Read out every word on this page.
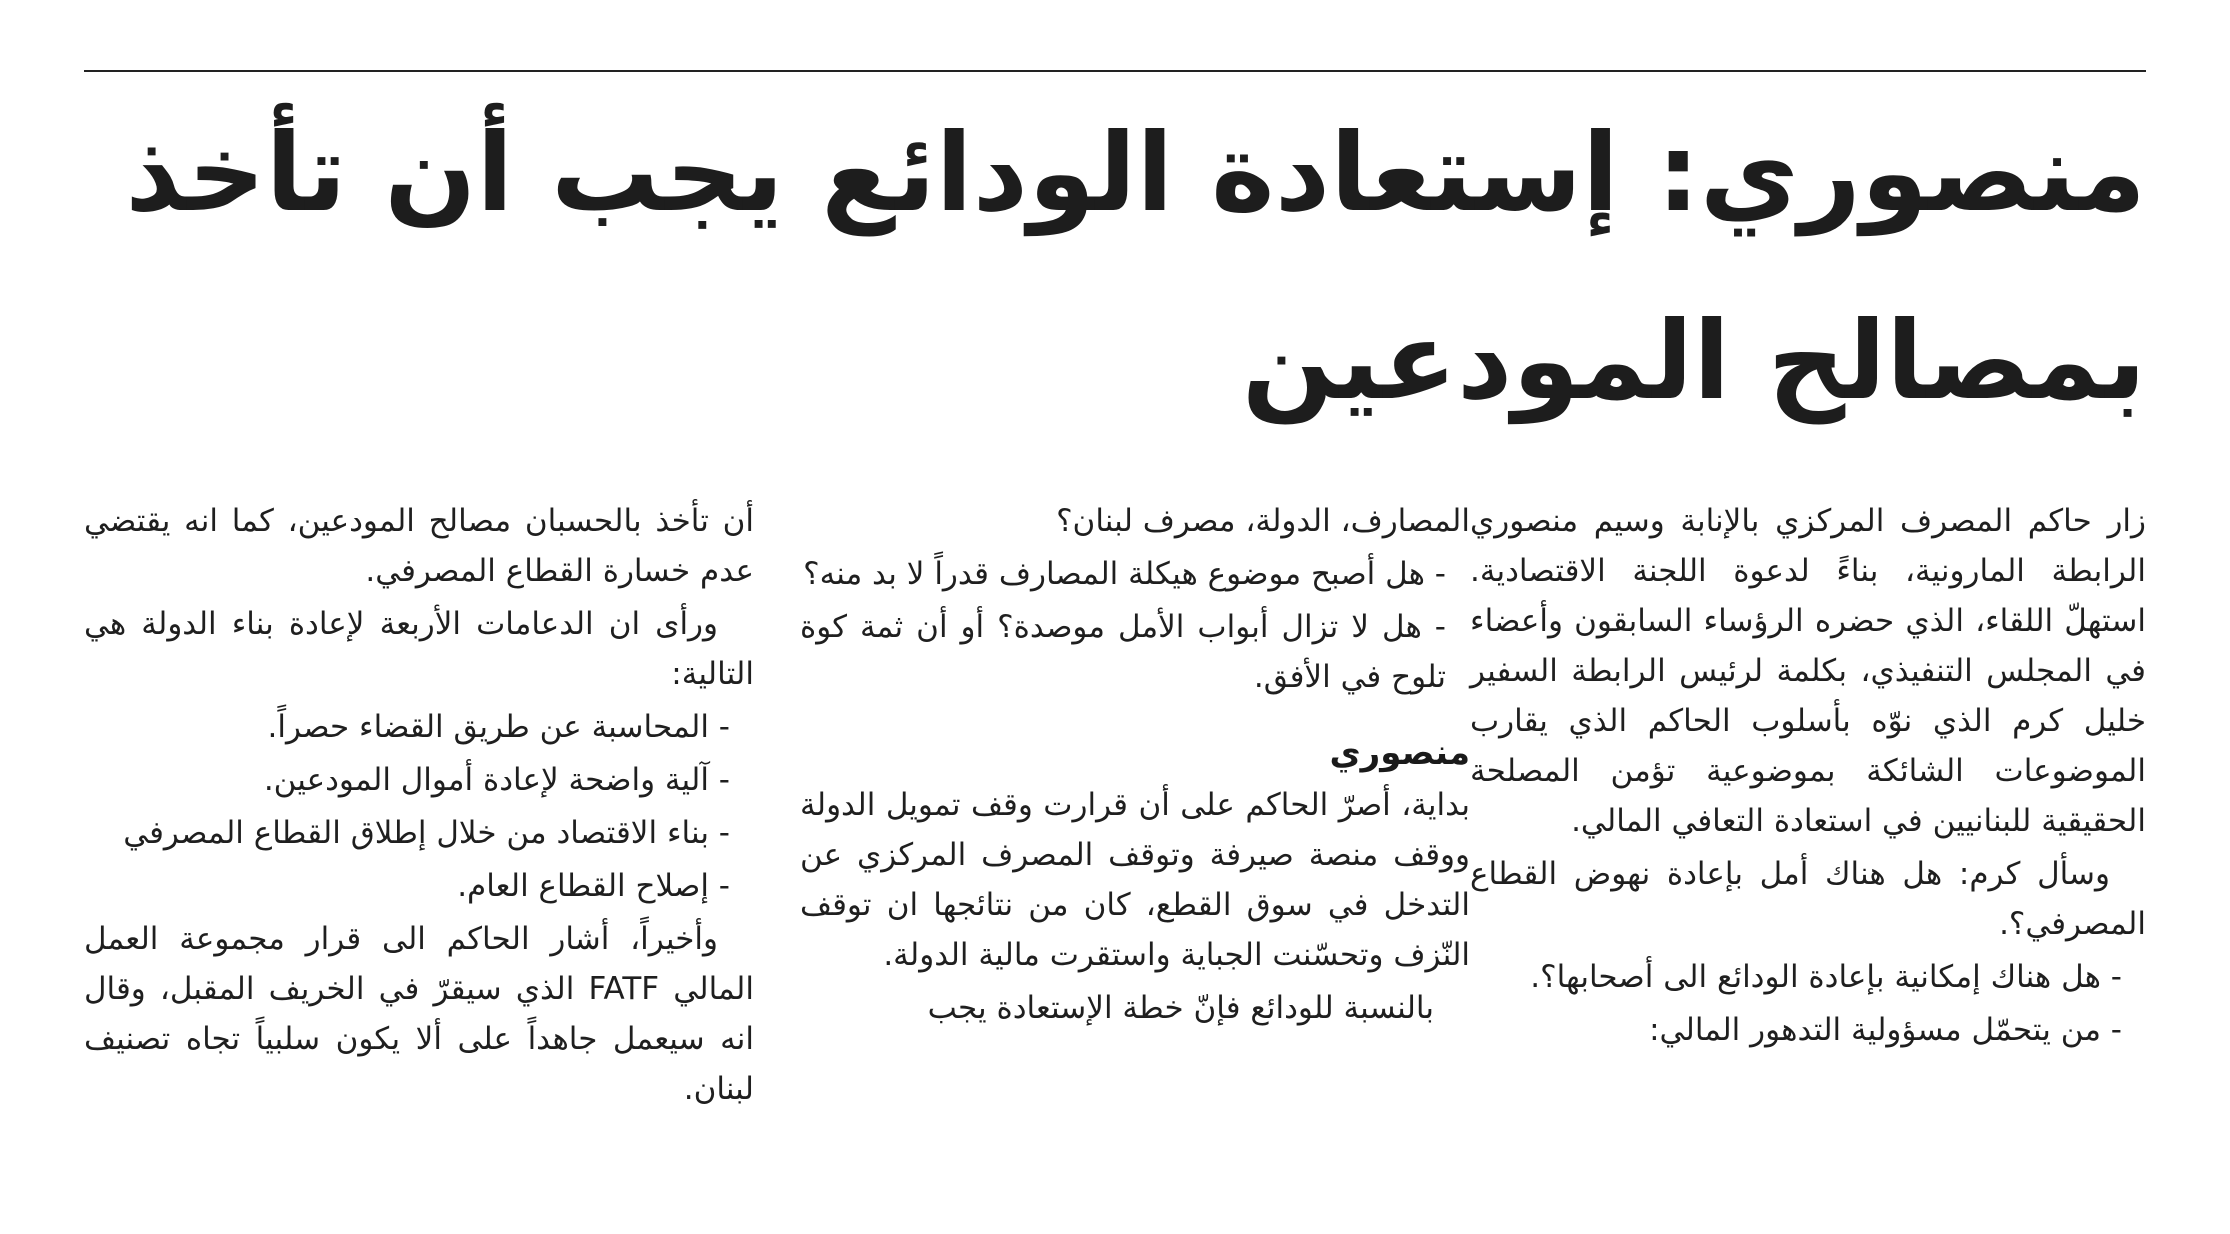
منصوري: إستعادة الودائع يجب أن تأخذ بمصالح المودعين

زار حاكم المصرف المركزي بالإنابة وسيم منصوري الرابطة المارونية، بناءً لدعوة اللجنة الاقتصادية. استهلّ اللقاء، الذي حضره الرؤساء السابقون وأعضاء في المجلس التنفيذي، بكلمة لرئيس الرابطة السفير خليل كرم الذي نوّه بأسلوب الحاكم الذي يقارب الموضوعات الشائكة بموضوعية تؤمن المصلحة الحقيقية للبنانيين في استعادة التعافي المالي.

وسأل كرم: هل هناك أمل بإعادة نهوض القطاع المصرفي؟.

- هل هناك إمكانية بإعادة الودائع الى أصحابها؟.

- من يتحمّل مسؤولية التدهور المالي:

المصارف، الدولة، مصرف لبنان؟

- هل أصبح موضوع هيكلة المصارف قدراً لا بد منه؟

- هل لا تزال أبواب الأمل موصدة؟ أو أن ثمة كوة تلوح في الأفق.

منصوري

بداية، أصرّ الحاكم على أن قرارت وقف تمويل الدولة ووقف منصة صيرفة وتوقف المصرف المركزي عن التدخل في سوق القطع، كان من نتائجها ان توقف النّزف وتحسّنت الجباية واستقرت مالية الدولة.

بالنسبة للودائع فإنّ خطة الإستعادة يجب

أن تأخذ بالحسبان مصالح المودعين، كما انه يقتضي عدم خسارة القطاع المصرفي.

ورأى ان الدعامات الأربعة لإعادة بناء الدولة هي التالية:

- المحاسبة عن طريق القضاء حصراً.

- آلية واضحة لإعادة أموال المودعين.

- بناء الاقتصاد من خلال إطلاق القطاع المصرفي

- إصلاح القطاع العام.

وأخيراً، أشار الحاكم الى قرار مجموعة العمل المالي FATF الذي سيقرّ في الخريف المقبل، وقال انه سيعمل جاهداً على ألا يكون سلبياً تجاه تصنيف لبنان.
